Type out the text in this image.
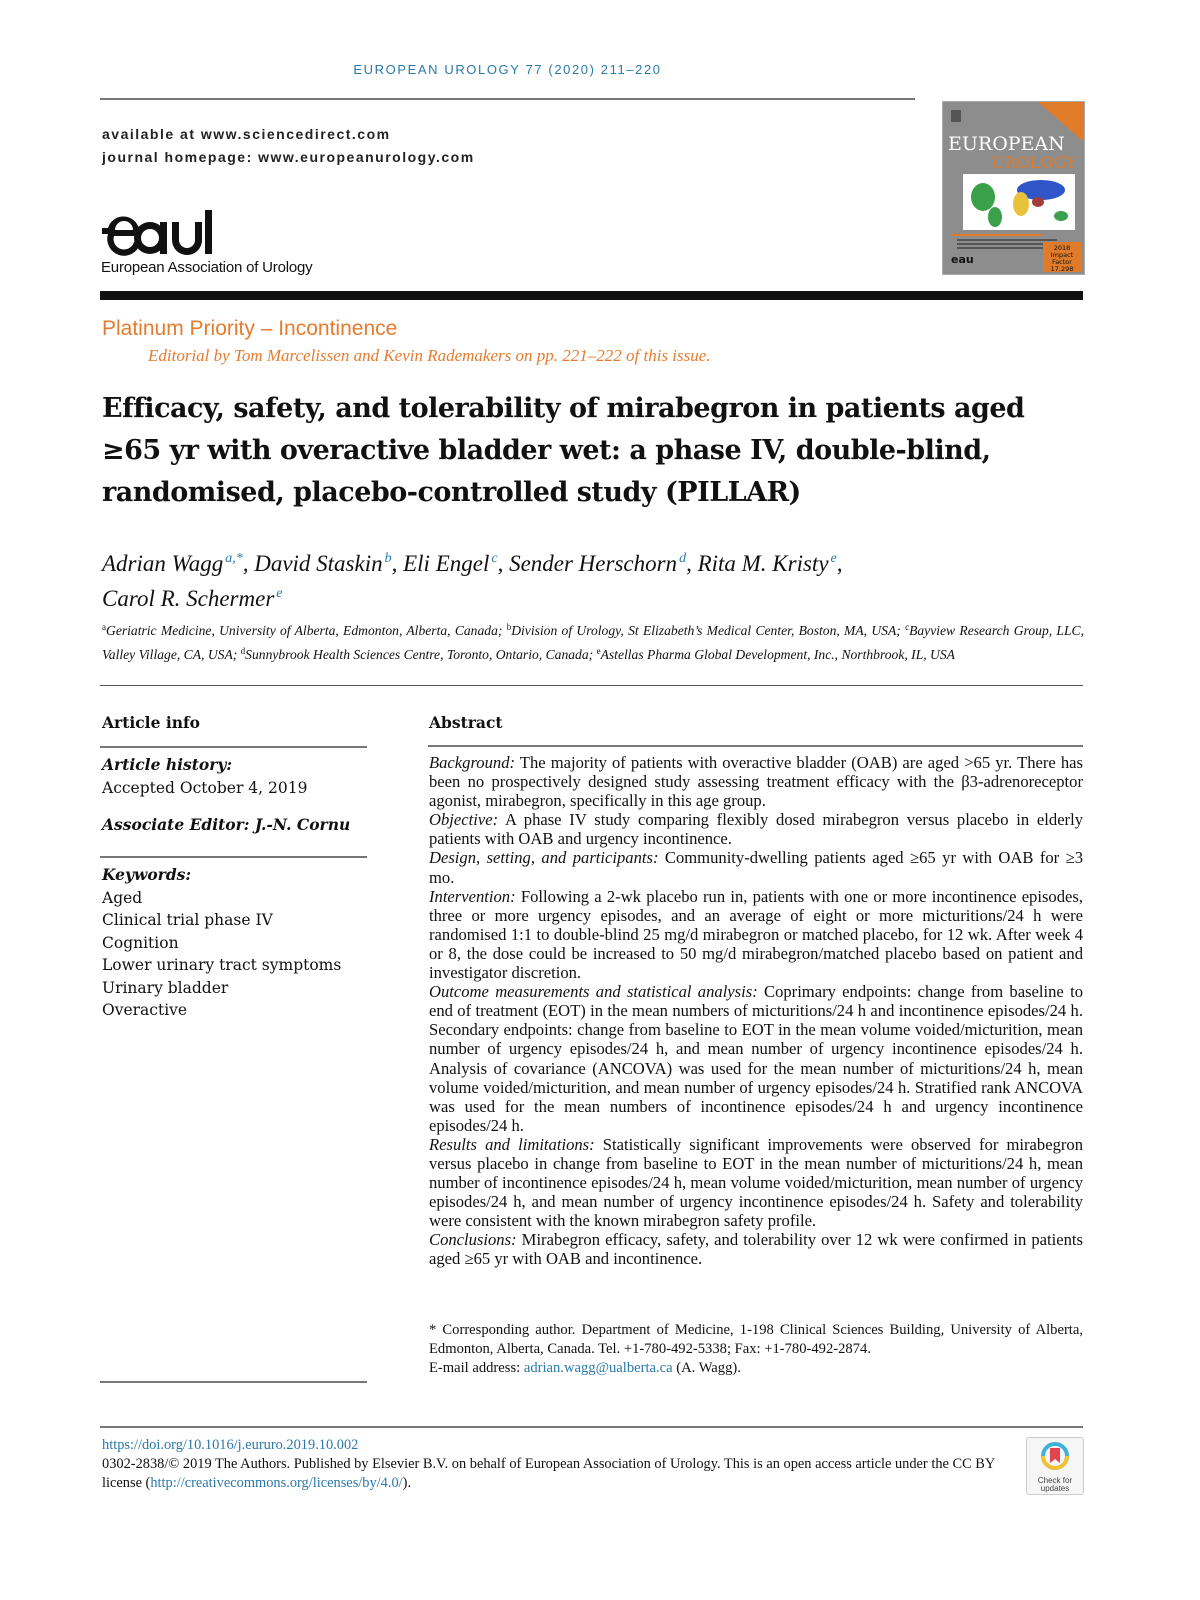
EUROPEAN UROLOGY 77 (2020) 211–220
available at www.sciencedirect.com
journal homepage: www.europeanurology.com
European Association of Urology
EUROPEAN
UROLOGY
eau
2018
Impact
Factor
17.298
Platinum Priority – Incontinence
Editorial by Tom Marcelissen and Kevin Rademakers on pp. 221–222 of this issue.
Efficacy, safety, and tolerability of mirabegron in patients aged ≥65 yr with overactive bladder wet: a phase IV, double-blind, randomised, placebo-controlled study (PILLAR)
Adrian Wagg $^{a,*}$, David Staskin $^b$, Eli Engel $^c$, Sender Herschorn $^d$, Rita M. Kristy $^e$,
Carol R. Schermer $^e$
$^a$Geriatric Medicine, University of Alberta, Edmonton, Alberta, Canada; $^b$Division of Urology, St Elizabeth’s Medical Center, Boston, MA, USA; $^c$Bayview Research Group, LLC, Valley Village, CA, USA; $^d$Sunnybrook Health Sciences Centre, Toronto, Ontario, Canada; $^e$Astellas Pharma Global Development, Inc., Northbrook, IL, USA
Article info
Article history:
Accepted October 4, 2019
Associate Editor: J.-N. Cornu
Keywords:
Aged
Clinical trial phase IV
Cognition
Lower urinary tract symptoms
Urinary bladder
Overactive
Abstract

Background: The majority of patients with overactive bladder (OAB) are aged >65 yr. There has been no prospectively designed study assessing treatment efficacy with the β3-adrenoreceptor agonist, mirabegron, specifically in this age group.

Objective: A phase IV study comparing flexibly dosed mirabegron versus placebo in elderly patients with OAB and urgency incontinence.

Design, setting, and participants: Community-dwelling patients aged ≥65 yr with OAB for ≥3 mo.

Intervention: Following a 2-wk placebo run in, patients with one or more incontinence episodes, three or more urgency episodes, and an average of eight or more micturitions/24 h were randomised 1:1 to double-blind 25 mg/d mirabegron or matched placebo, for 12 wk. After week 4 or 8, the dose could be increased to 50 mg/d mirabegron/matched placebo based on patient and investigator discretion.

Outcome measurements and statistical analysis: Coprimary endpoints: change from baseline to end of treatment (EOT) in the mean numbers of micturitions/24 h and incontinence episodes/24 h. Secondary endpoints: change from baseline to EOT in the mean volume voided/micturition, mean number of urgency episodes/24 h, and mean number of urgency incontinence episodes/24 h. Analysis of covariance (ANCOVA) was used for the mean number of micturitions/24 h, mean volume voided/micturition, and mean number of urgency episodes/24 h. Stratified rank ANCOVA was used for the mean numbers of incontinence episodes/24 h and urgency incontinence episodes/24 h.

Results and limitations: Statistically significant improvements were observed for mirabegron versus placebo in change from baseline to EOT in the mean number of micturitions/24 h, mean number of incontinence episodes/24 h, mean volume voided/micturition, mean number of urgency episodes/24 h, and mean number of urgency incontinence episodes/24 h. Safety and tolerability were consistent with the known mirabegron safety profile.

Conclusions: Mirabegron efficacy, safety, and tolerability over 12 wk were confirmed in patients aged ≥65 yr with OAB and incontinence.

* Corresponding author. Department of Medicine, 1-198 Clinical Sciences Building, University of Alberta, Edmonton, Alberta, Canada. Tel. +1-780-492-5338; Fax: +1-780-492-2874.
E-mail address: adrian.wagg@ualberta.ca (A. Wagg).
https://doi.org/10.1016/j.eururo.2019.10.002
0302-2838/© 2019 The Authors. Published by Elsevier B.V. on behalf of European Association of Urology. This is an open access article under the CC BY license (http://creativecommons.org/licenses/by/4.0/).	Check for
updates
